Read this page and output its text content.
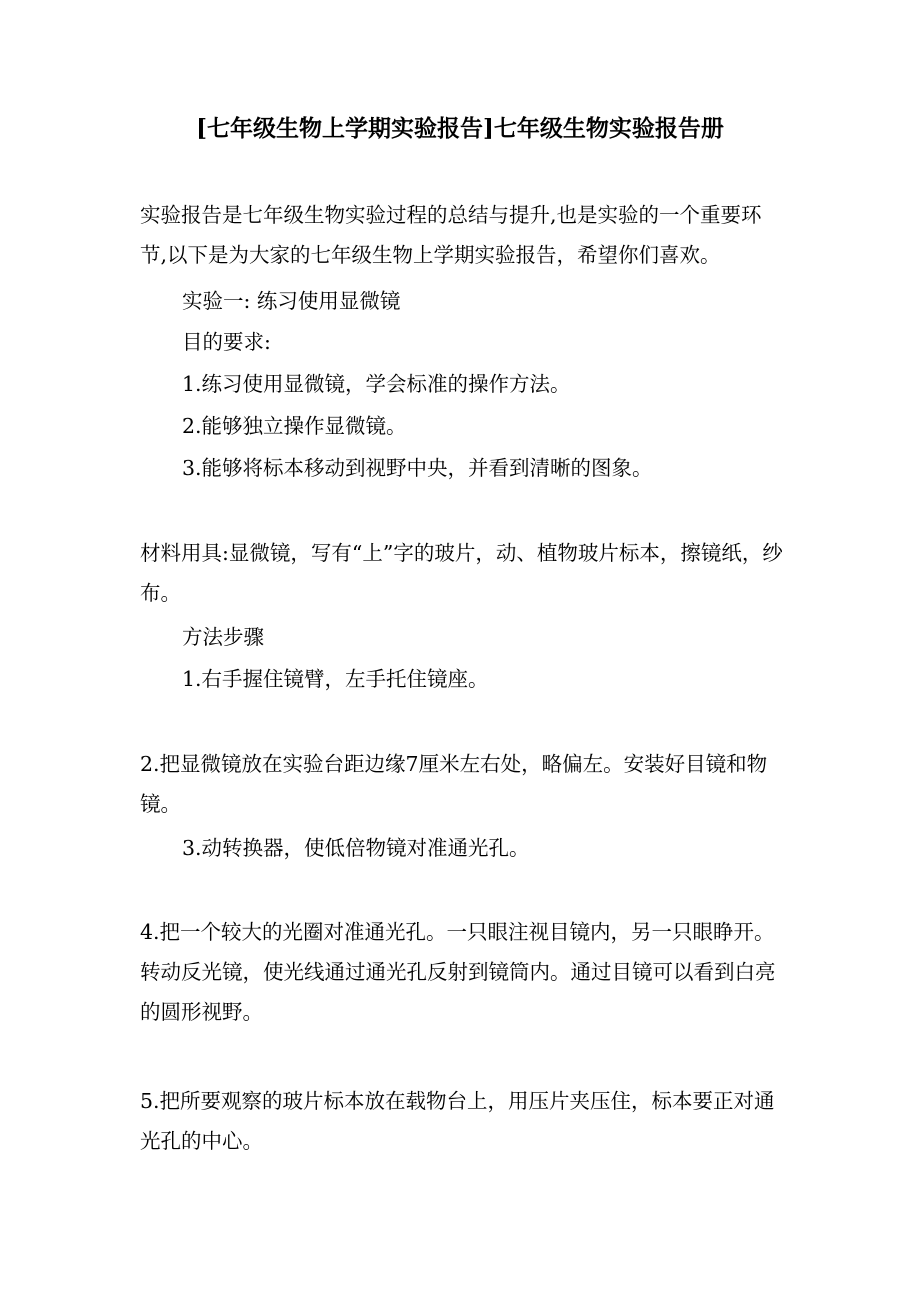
[七年级生物上学期实验报告]七年级生物实验报告册

实验报告是七年级生物实验过程的总结与提升,也是实验的一个重要环节,以下是为大家的七年级生物上学期实验报告，希望你们喜欢。

实验一: 练习使用显微镜

目的要求:

1.练习使用显微镜，学会标准的操作方法。

2.能够独立操作显微镜。

3.能够将标本移动到视野中央，并看到清晰的图象。

材料用具:显微镜，写有“上”字的玻片，动、植物玻片标本，擦镜纸，纱布。

方法步骤

1.右手握住镜臂，左手托住镜座。

2.把显微镜放在实验台距边缘7厘米左右处，略偏左。安装好目镜和物镜。

3.动转换器，使低倍物镜对准通光孔。

4.把一个较大的光圈对准通光孔。一只眼注视目镜内，另一只眼睁开。转动反光镜，使光线通过通光孔反射到镜筒内。通过目镜可以看到白亮的圆形视野。

5.把所要观察的玻片标本放在载物台上，用压片夹压住，标本要正对通光孔的中心。
